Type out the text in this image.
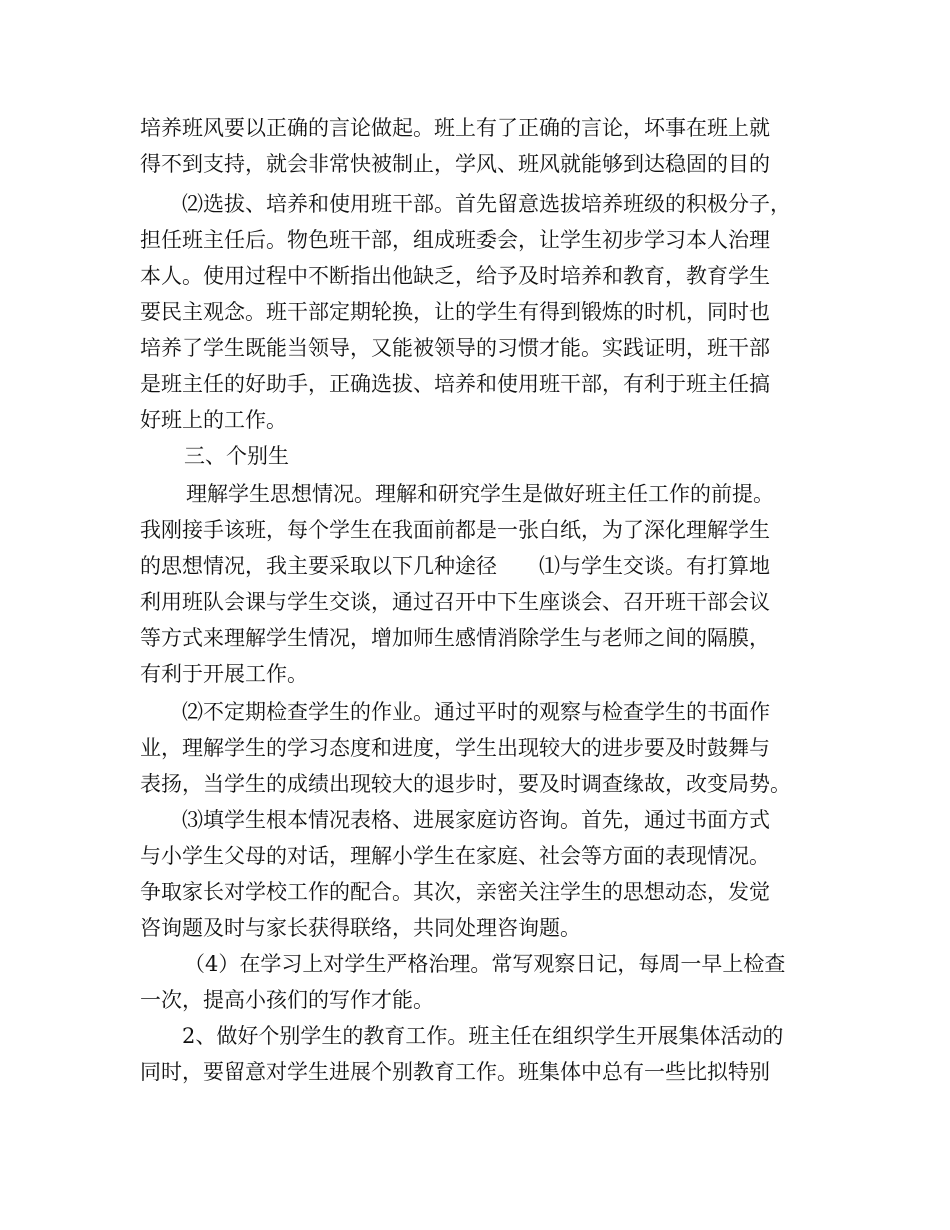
培养班风要以正确的言论做起。班上有了正确的言论，坏事在班上就
得不到支持，就会非常快被制止，学风、班风就能够到达稳固的目的
⑵选拔、培养和使用班干部。首先留意选拔培养班级的积极分子，
担任班主任后。物色班干部，组成班委会，让学生初步学习本人治理
本人。使用过程中不断指出他缺乏，给予及时培养和教育，教育学生
要民主观念。班干部定期轮换，让的学生有得到锻炼的时机，同时也
培养了学生既能当领导，又能被领导的习惯才能。实践证明，班干部
是班主任的好助手，正确选拔、培养和使用班干部，有利于班主任搞
好班上的工作。
三、个别生
理解学生思想情况。理解和研究学生是做好班主任工作的前提。
我刚接手该班，每个学生在我面前都是一张白纸，为了深化理解学生
的思想情况，我主要采取以下几种途径　　⑴与学生交谈。有打算地
利用班队会课与学生交谈，通过召开中下生座谈会、召开班干部会议
等方式来理解学生情况，增加师生感情消除学生与老师之间的隔膜，
有利于开展工作。
⑵不定期检查学生的作业。通过平时的观察与检查学生的书面作
业，理解学生的学习态度和进度，学生出现较大的进步要及时鼓舞与
表扬，当学生的成绩出现较大的退步时，要及时调查缘故，改变局势。
⑶填学生根本情况表格、进展家庭访咨询。首先，通过书面方式
与小学生父母的对话，理解小学生在家庭、社会等方面的表现情况。
争取家长对学校工作的配合。其次，亲密关注学生的思想动态，发觉
咨询题及时与家长获得联络，共同处理咨询题。
（4）在学习上对学生严格治理。常写观察日记，每周一早上检查
一次，提高小孩们的写作才能。
2、做好个别学生的教育工作。班主任在组织学生开展集体活动的
同时，要留意对学生进展个别教育工作。班集体中总有一些比拟特别
